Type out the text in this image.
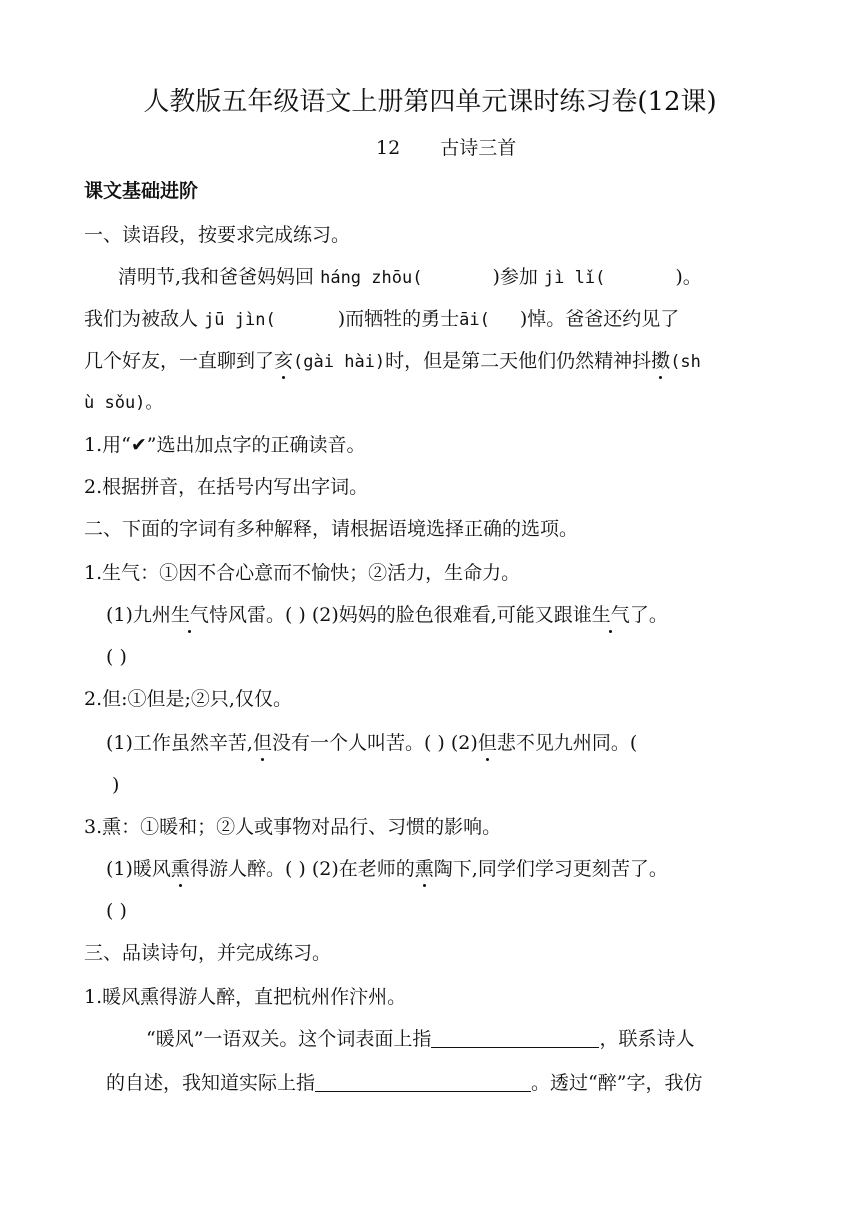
人教版五年级语文上册第四单元课时练习卷(12课)
12 古诗三首
课文基础进阶
一、读语段，按要求完成练习。
清明节,我和爸爸妈妈回 háng zhōu(	)参加 jì lǐ(	)。
我们为被敌人 jū jìn(	)而牺牲的勇士āi( )悼。爸爸还约见了
几个好友，一直聊到了亥(gài hài)时，但是第二天他们仍然精神抖擞(sh
ù sǒu)。
1.用“✔”选出加点字的正确读音。
2.根据拼音，在括号内写出字词。
二、下面的字词有多种解释，请根据语境选择正确的选项。
1.生气：①因不合心意而不愉快；②活力，生命力。
(1)九州生气恃风雷。( ) (2)妈妈的脸色很难看,可能又跟谁生气了。
( )
2.但:①但是;②只,仅仅。
(1)工作虽然辛苦,但没有一个人叫苦。( ) (2)但悲不见九州同。(
)
3.熏：①暖和；②人或事物对品行、习惯的影响。
(1)暖风熏得游人醉。( ) (2)在老师的熏陶下,同学们学习更刻苦了。
( )
三、品读诗句，并完成练习。
1.暖风熏得游人醉，直把杭州作汴州。
“暖风”一语双关。这个词表面上指	，联系诗人
的自述，我知道实际上指	。透过“醉”字，我仿
